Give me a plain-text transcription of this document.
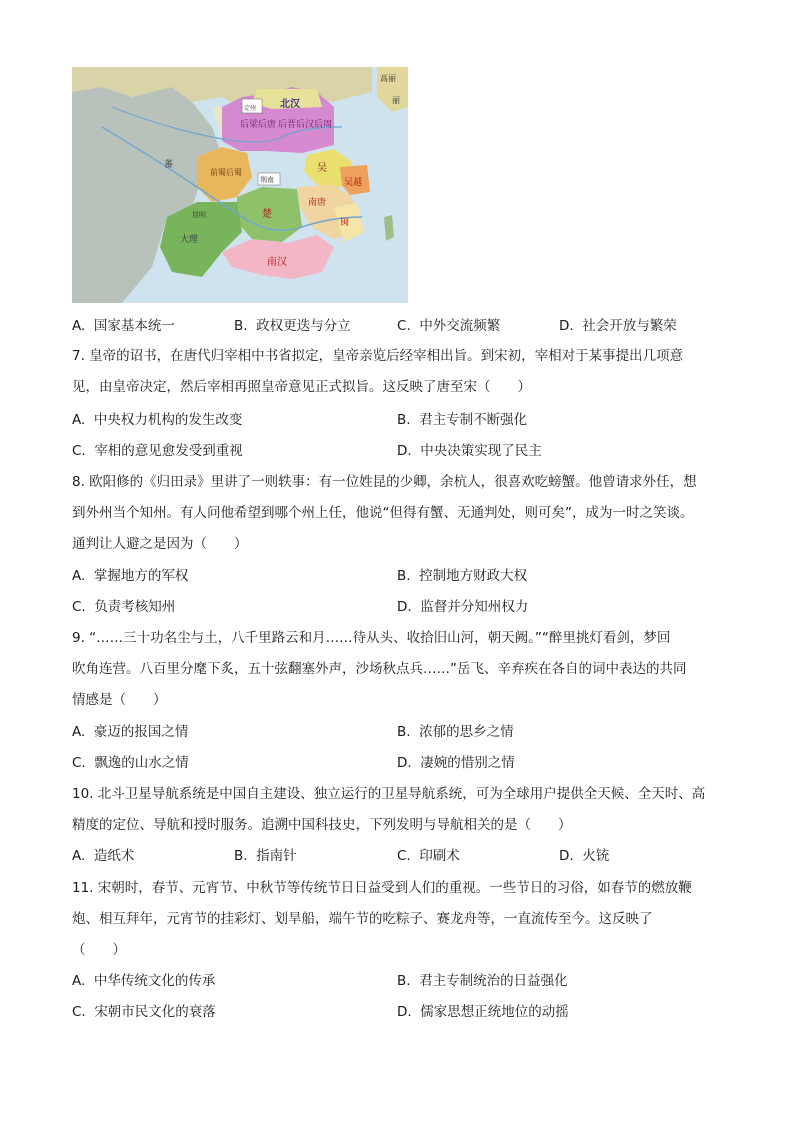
高丽
丽
蕃
北汉
定州
后梁 后唐 后晋 后汉 后周
前蜀后蜀
荆南
吴
吴越
南唐
闽
楚
昆明
大理
南汉
A. 国家基本统一	B. 政权更迭与分立	C. 中外交流频繁	D. 社会开放与繁荣
7. 皇帝的诏书，在唐代归宰相中书省拟定，皇帝亲览后经宰相出旨。到宋初，宰相对于某事提出几项意
见，由皇帝决定，然后宰相再照皇帝意见正式拟旨。这反映了唐至宋（　　）
A. 中央权力机构的发生改变	B. 君主专制不断强化
C. 宰相的意见愈发受到重视	D. 中央决策实现了民主
8. 欧阳修的《归田录》里讲了一则轶事：有一位姓昆的少卿，余杭人，很喜欢吃螃蟹。他曾请求外任，想
到外州当个知州。有人问他希望到哪个州上任，他说“但得有蟹、无通判处，则可矣”，成为一时之笑谈。
通判让人避之是因为（　　）
A. 掌握地方的军权	B. 控制地方财政大权
C. 负责考核知州	D. 监督并分知州权力
9. “……三十功名尘与土，八千里路云和月……待从头、收拾旧山河，朝天阙。”“醉里挑灯看剑，梦回
吹角连营。八百里分麾下炙，五十弦翻塞外声，沙场秋点兵……”岳飞、辛弃疾在各自的词中表达的共同
情感是（　　）
A. 豪迈的报国之情	B. 浓郁的思乡之情
C. 飘逸的山水之情	D. 凄婉的惜别之情
10. 北斗卫星导航系统是中国自主建设、独立运行的卫星导航系统，可为全球用户提供全天候、全天时、高
精度的定位、导航和授时服务。追溯中国科技史，下列发明与导航相关的是（　　）
A. 造纸术	B. 指南针	C. 印刷术	D. 火铳
11. 宋朝时，春节、元宵节、中秋节等传统节日日益受到人们的重视。一些节日的习俗，如春节的燃放鞭
炮、相互拜年，元宵节的挂彩灯、划旱船，端午节的吃粽子、赛龙舟等，一直流传至今。这反映了
（　　）
A. 中华传统文化的传承	B. 君主专制统治的日益强化
C. 宋朝市民文化的衰落	D. 儒家思想正统地位的动摇
